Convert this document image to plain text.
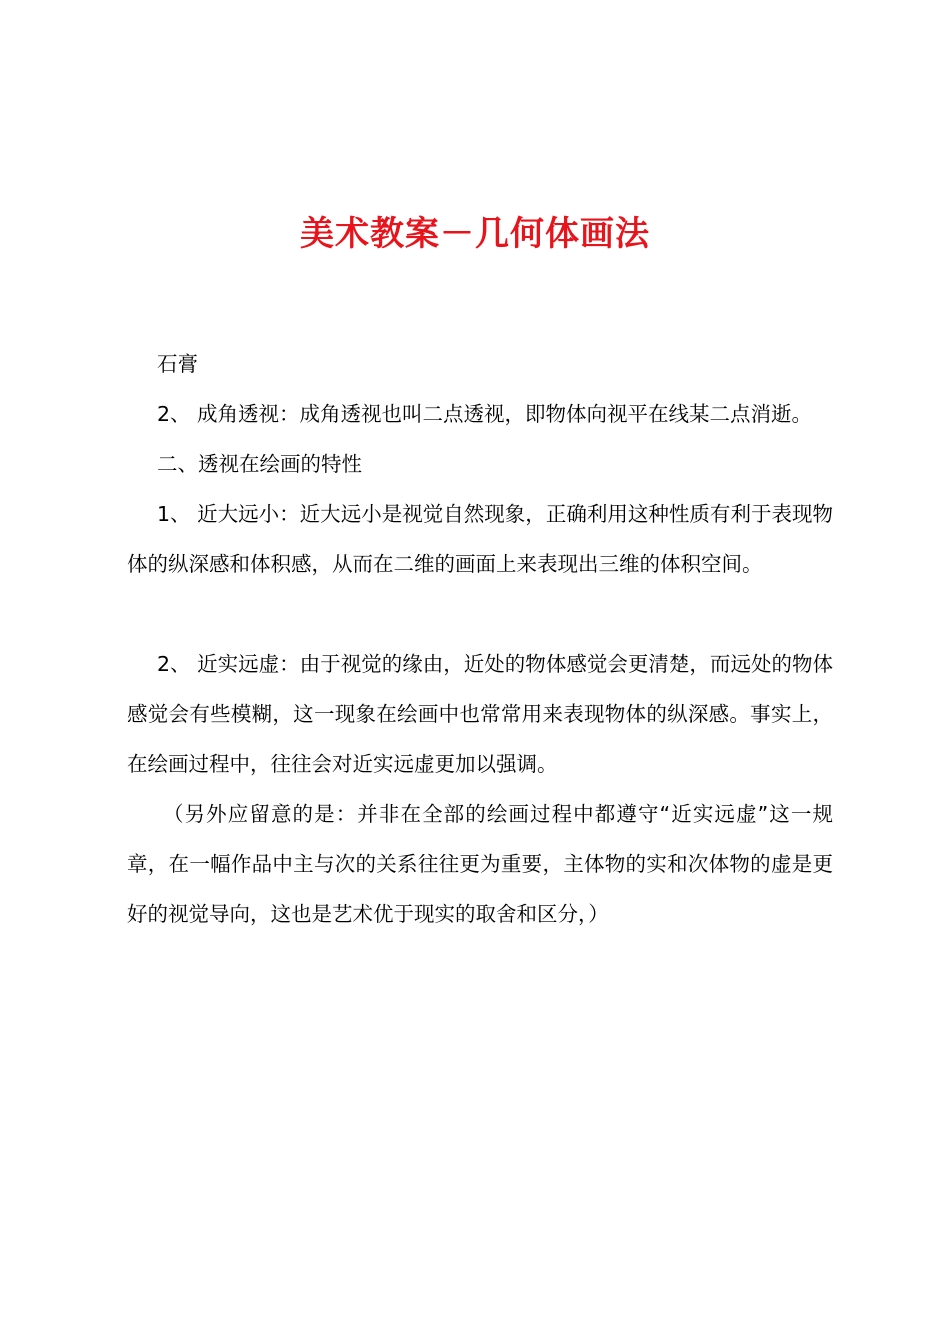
美术教案－几何体画法

石膏

2、 成角透视：成角透视也叫二点透视，即物体向视平在线某二点消逝。

二、透视在绘画的特性

1、 近大远小：近大远小是视觉自然现象，正确利用这种性质有利于表现物体的纵深感和体积感，从而在二维的画面上来表现出三维的体积空间。

2、 近实远虚：由于视觉的缘由，近处的物体感觉会更清楚，而远处的物体感觉会有些模糊，这一现象在绘画中也常常用来表现物体的纵深感。事实上，在绘画过程中，往往会对近实远虚更加以强调。

（另外应留意的是：并非在全部的绘画过程中都遵守“近实远虚”这一规章，在一幅作品中主与次的关系往往更为重要，主体物的实和次体物的虚是更好的视觉导向，这也是艺术优于现实的取舍和区分，）
